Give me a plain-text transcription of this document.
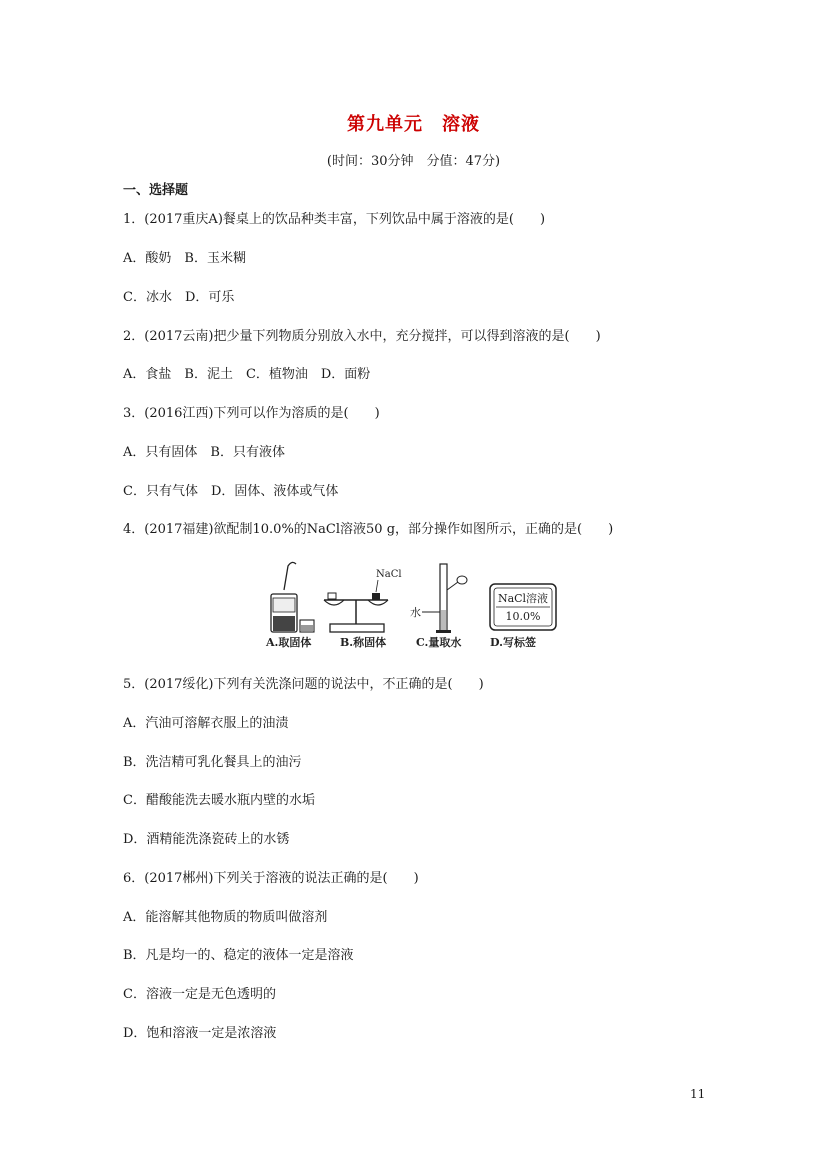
第九单元　溶液
(时间：30分钟　分值：47分)
一、选择题
1．(2017重庆A)餐桌上的饮品种类丰富，下列饮品中属于溶液的是(　　)
A．酸奶　B．玉米糊
C．冰水　D．可乐
2．(2017云南)把少量下列物质分别放入水中，充分搅拌，可以得到溶液的是(　　)
A．食盐　B．泥土　C．植物油　D．面粉
3．(2016江西)下列可以作为溶质的是(　　)
A．只有固体　B．只有液体
C．只有气体　D．固体、液体或气体
4．(2017福建)欲配制10.0%的NaCl溶液50 g，部分操作如图所示，正确的是(　　)
NaCl
水
NaCl溶液
10.0%
A.取固体	B.称固体	C.量取水	D.写标签
5．(2017绥化)下列有关洗涤问题的说法中，不正确的是(　　)
A．汽油可溶解衣服上的油渍
B．洗洁精可乳化餐具上的油污
C．醋酸能洗去暖水瓶内壁的水垢
D．酒精能洗涤瓷砖上的水锈
6．(2017郴州)下列关于溶液的说法正确的是(　　)
A．能溶解其他物质的物质叫做溶剂
B．凡是均一的、稳定的液体一定是溶液
C．溶液一定是无色透明的
D．饱和溶液一定是浓溶液
11
